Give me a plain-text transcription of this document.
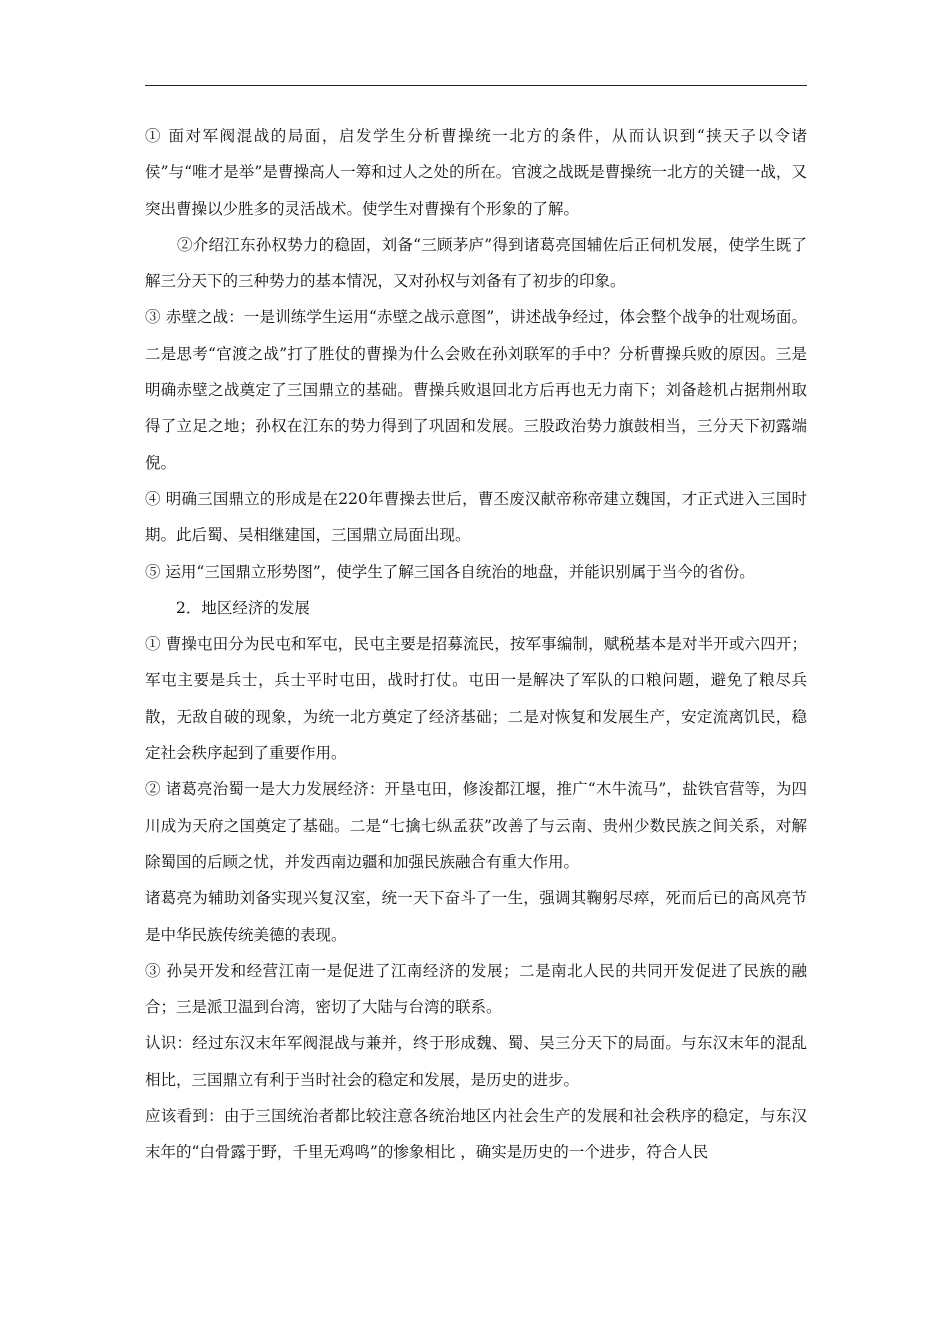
① 面对军阀混战的局面，启发学生分析曹操统一北方的条件，从而认识到“挟天子以令诸侯”与“唯才是举”是曹操高人一筹和过人之处的所在。官渡之战既是曹操统一北方的关键一战，又突出曹操以少胜多的灵活战术。使学生对曹操有个形象的了解。

②介绍江东孙权势力的稳固，刘备“三顾茅庐”得到诸葛亮国辅佐后正伺机发展，使学生既了解三分天下的三种势力的基本情况，又对孙权与刘备有了初步的印象。

③ 赤壁之战：一是训练学生运用“赤壁之战示意图”，讲述战争经过，体会整个战争的壮观场面。二是思考“官渡之战”打了胜仗的曹操为什么会败在孙刘联军的手中？分析曹操兵败的原因。三是明确赤壁之战奠定了三国鼎立的基础。曹操兵败退回北方后再也无力南下；刘备趁机占据荆州取得了立足之地；孙权在江东的势力得到了巩固和发展。三股政治势力旗鼓相当，三分天下初露端倪。

④ 明确三国鼎立的形成是在220年曹操去世后，曹丕废汉献帝称帝建立魏国，才正式进入三国时期。此后蜀、吴相继建国，三国鼎立局面出现。

⑤ 运用“三国鼎立形势图”，使学生了解三国各自统治的地盘，并能识别属于当今的省份。

2．地区经济的发展

① 曹操屯田分为民屯和军屯，民屯主要是招募流民，按军事编制，赋税基本是对半开或六四开；军屯主要是兵士，兵士平时屯田，战时打仗。屯田一是解决了军队的口粮问题，避免了粮尽兵散，无敌自破的现象，为统一北方奠定了经济基础；二是对恢复和发展生产，安定流离饥民，稳定社会秩序起到了重要作用。

② 诸葛亮治蜀一是大力发展经济：开垦屯田，修浚都江堰，推广“木牛流马”，盐铁官营等，为四川成为天府之国奠定了基础。二是“七擒七纵孟获”改善了与云南、贵州少数民族之间关系，对解除蜀国的后顾之忧，并发西南边疆和加强民族融合有重大作用。

诸葛亮为辅助刘备实现兴复汉室，统一天下奋斗了一生，强调其鞠躬尽瘁，死而后已的高风亮节是中华民族传统美德的表现。

③ 孙吴开发和经营江南一是促进了江南经济的发展；二是南北人民的共同开发促进了民族的融合；三是派卫温到台湾，密切了大陆与台湾的联系。

认识：经过东汉末年军阀混战与兼并，终于形成魏、蜀、吴三分天下的局面。与东汉末年的混乱相比，三国鼎立有利于当时社会的稳定和发展，是历史的进步。

应该看到：由于三国统治者都比较注意各统治地区内社会生产的发展和社会秩序的稳定，与东汉末年的“白骨露于野，千里无鸡鸣”的惨象相比 ，确实是历史的一个进步，符合人民
